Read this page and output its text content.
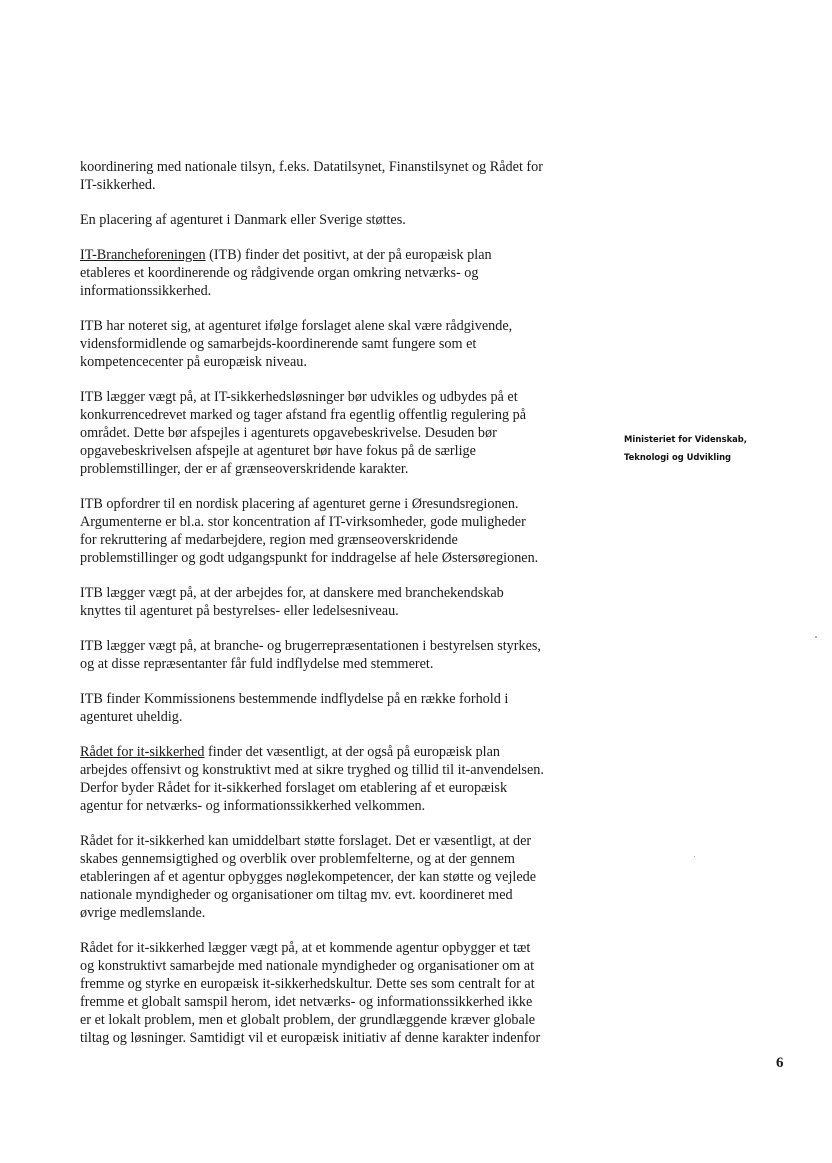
koordinering med nationale tilsyn, f.eks. Datatilsynet, Finanstilsynet og Rådet for
IT-sikkerhed.

En placering af agenturet i Danmark eller Sverige støttes.

IT-Brancheforeningen (ITB) finder det positivt, at der på europæisk plan
etableres et koordinerende og rådgivende organ omkring netværks- og
informationssikkerhed.

ITB har noteret sig, at agenturet ifølge forslaget alene skal være rådgivende,
vidensformidlende og samarbejds-koordinerende samt fungere som et
kompetencecenter på europæisk niveau.

ITB lægger vægt på, at IT-sikkerhedsløsninger bør udvikles og udbydes på et
konkurrencedrevet marked og tager afstand fra egentlig offentlig regulering på
området. Dette bør afspejles i agenturets opgavebeskrivelse. Desuden bør
opgavebeskrivelsen afspejle at agenturet bør have fokus på de særlige
problemstillinger, der er af grænseoverskridende karakter.

ITB opfordrer til en nordisk placering af agenturet gerne i Øresundsregionen.
Argumenterne er bl.a. stor koncentration af IT-virksomheder, gode muligheder
for rekruttering af medarbejdere, region med grænseoverskridende
problemstillinger og godt udgangspunkt for inddragelse af hele Østersøregionen.

ITB lægger vægt på, at der arbejdes for, at danskere med branchekendskab
knyttes til agenturet på bestyrelses- eller ledelsesniveau.

ITB lægger vægt på, at branche- og brugerrepræsentationen i bestyrelsen styrkes,
og at disse repræsentanter får fuld indflydelse med stemmeret.

ITB finder Kommissionens bestemmende indflydelse på en række forhold i
agenturet uheldig.

Rådet for it-sikkerhed finder det væsentligt, at der også på europæisk plan
arbejdes offensivt og konstruktivt med at sikre tryghed og tillid til it-anvendelsen.
Derfor byder Rådet for it-sikkerhed forslaget om etablering af et europæisk
agentur for netværks- og informationssikkerhed velkommen.

Rådet for it-sikkerhed kan umiddelbart støtte forslaget. Det er væsentligt, at der
skabes gennemsigtighed og overblik over problemfelterne, og at der gennem
etableringen af et agentur opbygges nøglekompetencer, der kan støtte og vejlede
nationale myndigheder og organisationer om tiltag mv. evt. koordineret med
øvrige medlemslande.

Rådet for it-sikkerhed lægger vægt på, at et kommende agentur opbygger et tæt
og konstruktivt samarbejde med nationale myndigheder og organisationer om at
fremme og styrke en europæisk it-sikkerhedskultur. Dette ses som centralt for at
fremme et globalt samspil herom, idet netværks- og informationssikkerhed ikke
er et lokalt problem, men et globalt problem, der grundlæggende kræver globale
tiltag og løsninger. Samtidigt vil et europæisk initiativ af denne karakter indenfor

Ministeriet for Videnskab,
Teknologi og Udvikling
6
